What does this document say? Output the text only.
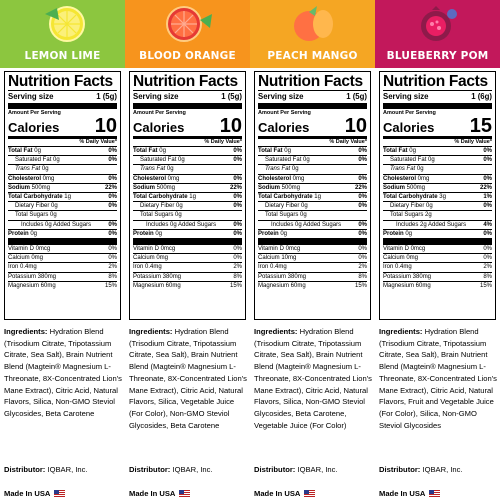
LEMON LIME
Nutrition Facts
Serving size	1 (5g)
Amount Per Serving
Calories 10
% Daily Value*
Total Fat 0g	0%
Saturated Fat 0g	0%
Trans Fat 0g
Cholesterol 0mg	0%
Sodium 500mg	22%
Total Carbohydrate 1g	0%
Dietary Fiber 0g	0%
Total Sugars 0g
Includes 0g Added Sugars	0%
Protein 0g	0%
Vitamin D 0mcg	0%
Calcium 0mg	0%
Iron 0.4mg	2%
Potassium 380mg	8%
Magnesium 60mg	15%
Ingredients: Hydration Blend (Trisodium Citrate, Tripotassium Citrate, Sea Salt), Brain Nutrient Blend (Magtein® Magnesium L-Threonate, 8X-Concentrated Lion's Mane Extract), Citric Acid, Natural Flavors, Silica, Non-GMO Steviol Glycosides, Beta Carotene
Distributor: IQBAR, Inc.
Made In USA
BLOOD ORANGE
Nutrition Facts
Serving size	1 (5g)
Amount Per Serving
Calories 10
% Daily Value*
Total Fat 0g	0%
Saturated Fat 0g	0%
Trans Fat 0g
Cholesterol 0mg	0%
Sodium 500mg	22%
Total Carbohydrate 1g	0%
Dietary Fiber 0g	0%
Total Sugars 0g
Includes 0g Added Sugars	0%
Protein 0g	0%
Vitamin D 0mcg	0%
Calcium 0mg	0%
Iron 0.4mg	2%
Potassium 380mg	8%
Magnesium 60mg	15%
Ingredients: Hydration Blend (Trisodium Citrate, Tripotassium Citrate, Sea Salt), Brain Nutrient Blend (Magtein® Magnesium L-Threonate, 8X-Concentrated Lion's Mane Extract), Citric Acid, Natural Flavors, Silica, Vegetable Juice (For Color), Non-GMO Steviol Glycosides, Beta Carotene
Distributor: IQBAR, Inc.
Made In USA
PEACH MANGO
Nutrition Facts
Serving size	1 (5g)
Amount Per Serving
Calories 10
% Daily Value*
Total Fat 0g	0%
Saturated Fat 0g	0%
Trans Fat 0g
Cholesterol 0mg	0%
Sodium 500mg	22%
Total Carbohydrate 1g	0%
Dietary Fiber 0g	0%
Total Sugars 0g
Includes 0g Added Sugars	0%
Protein 0g	0%
Vitamin D 0mcg	0%
Calcium 10mg	0%
Iron 0.4mg	2%
Potassium 380mg	8%
Magnesium 60mg	15%
Ingredients: Hydration Blend (Trisodium Citrate, Tripotassium Citrate, Sea Salt), Brain Nutrient Blend (Magtein® Magnesium L-Threonate, 8X-Concentrated Lion's Mane Extract), Citric Acid, Natural Flavors, Silica, Non-GMO Steviol Glycosides, Beta Carotene, Vegetable Juice (For Color)
Distributor: IQBAR, Inc.
Made In USA
BLUEBERRY POM
Nutrition Facts
Serving size	1 (6g)
Amount Per Serving
Calories 15
% Daily Value*
Total Fat 0g	0%
Saturated Fat 0g	0%
Trans Fat 0g
Cholesterol 0mg	0%
Sodium 500mg	22%
Total Carbohydrate 3g	1%
Dietary Fiber 0g	0%
Total Sugars 2g
Includes 2g Added Sugars	4%
Protein 0g	0%
Vitamin D 0mcg	0%
Calcium 0mg	0%
Iron 0.4mg	2%
Potassium 380mg	8%
Magnesium 60mg	15%
Ingredients: Hydration Blend (Trisodium Citrate, Tripotassium Citrate, Sea Salt), Brain Nutrient Blend (Magtein® Magnesium L-Threonate, 8X-Concentrated Lion's Mane Extract), Citric Acid, Natural Flavors, Fruit and Vegetable Juice (For Color), Silica, Non-GMO Steviol Glycosides
Distributor: IQBAR, Inc.
Made In USA
